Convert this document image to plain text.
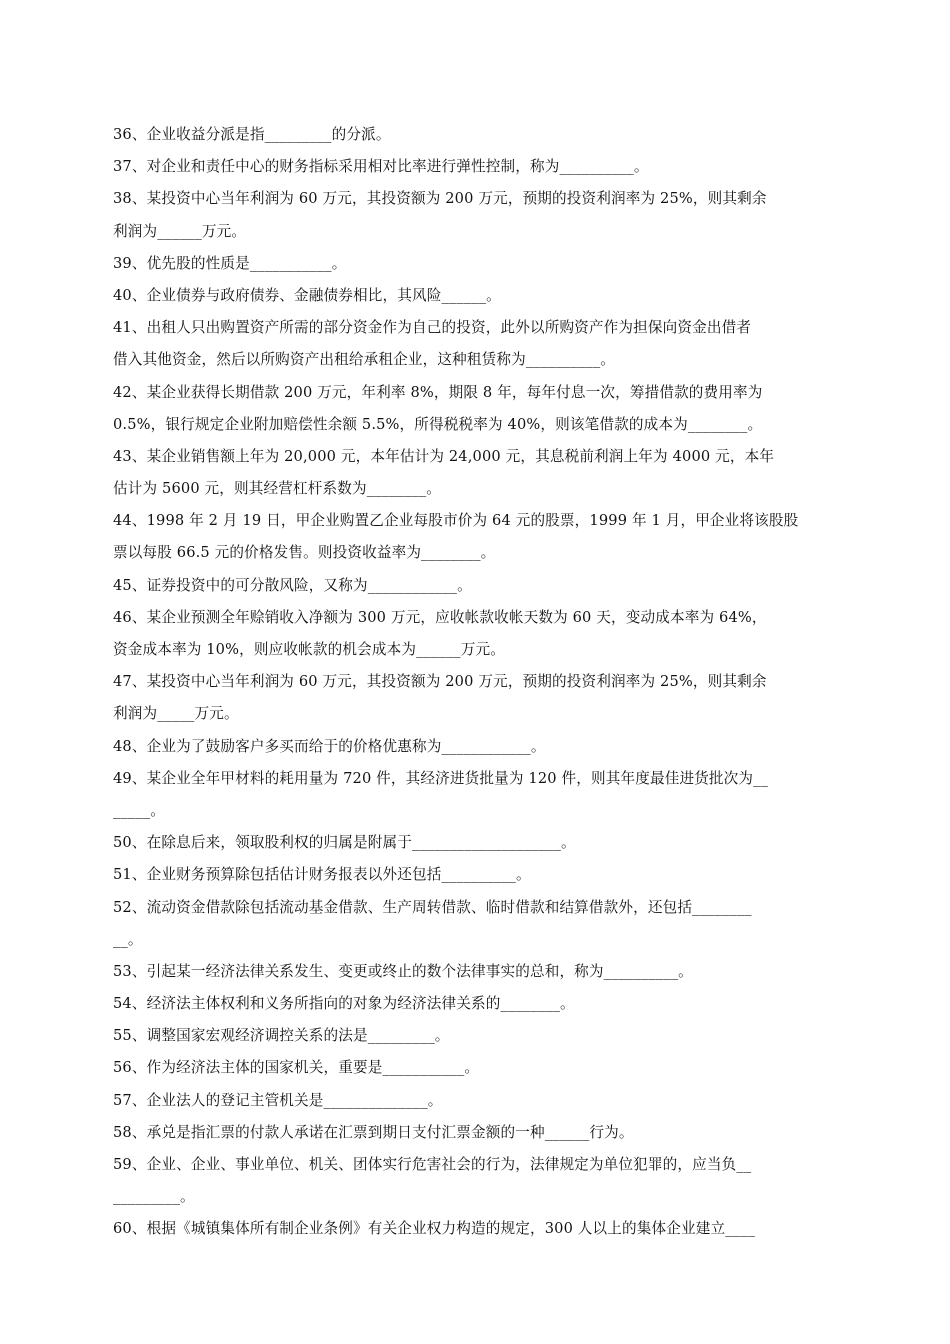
36、企业收益分派是指_________的分派。
37、对企业和责任中心的财务指标采用相对比率进行弹性控制，称为__________。
38、某投资中心当年利润为 60 万元，其投资额为 200 万元，预期的投资利润率为 25%，则其剩余
利润为______万元。
39、优先股的性质是___________。
40、企业债券与政府债券、金融债券相比，其风险______。
41、出租人只出购置资产所需的部分资金作为自己的投资，此外以所购资产作为担保向资金出借者
借入其他资金，然后以所购资产出租给承租企业，这种租赁称为__________。
42、某企业获得长期借款 200 万元，年利率 8%，期限 8 年，每年付息一次，筹措借款的费用率为
0.5%，银行规定企业附加赔偿性余额 5.5%，所得税税率为 40%，则该笔借款的成本为________。
43、某企业销售额上年为 20,000 元，本年估计为 24,000 元，其息税前利润上年为 4000 元，本年
估计为 5600 元，则其经营杠杆系数为________。
44、1998 年 2 月 19 日，甲企业购置乙企业每股市价为 64 元的股票，1999 年 1 月，甲企业将该股股
票以每股 66.5 元的价格发售。则投资收益率为________。
45、证券投资中的可分散风险，又称为____________。
46、某企业预测全年赊销收入净额为 300 万元，应收帐款收帐天数为 60 天，变动成本率为 64%，
资金成本率为 10%，则应收帐款的机会成本为______万元。
47、某投资中心当年利润为 60 万元，其投资额为 200 万元，预期的投资利润率为 25%，则其剩余
利润为_____万元。
48、企业为了鼓励客户多买而给于的价格优惠称为____________。
49、某企业全年甲材料的耗用量为 720 件，其经济进货批量为 120 件，则其年度最佳进货批次为__
_____。
50、在除息后来，领取股利权的归属是附属于____________________。
51、企业财务预算除包括估计财务报表以外还包括__________。
52、流动资金借款除包括流动基金借款、生产周转借款、临时借款和结算借款外，还包括________
__。
53、引起某一经济法律关系发生、变更或终止的数个法律事实的总和，称为__________。
54、经济法主体权利和义务所指向的对象为经济法律关系的________。
55、调整国家宏观经济调控关系的法是_________。
56、作为经济法主体的国家机关，重要是___________。
57、企业法人的登记主管机关是______________。
58、承兑是指汇票的付款人承诺在汇票到期日支付汇票金额的一种______行为。
59、企业、企业、事业单位、机关、团体实行危害社会的行为，法律规定为单位犯罪的，应当负__
_________。
60、根据《城镇集体所有制企业条例》有关企业权力构造的规定，300 人以上的集体企业建立____
